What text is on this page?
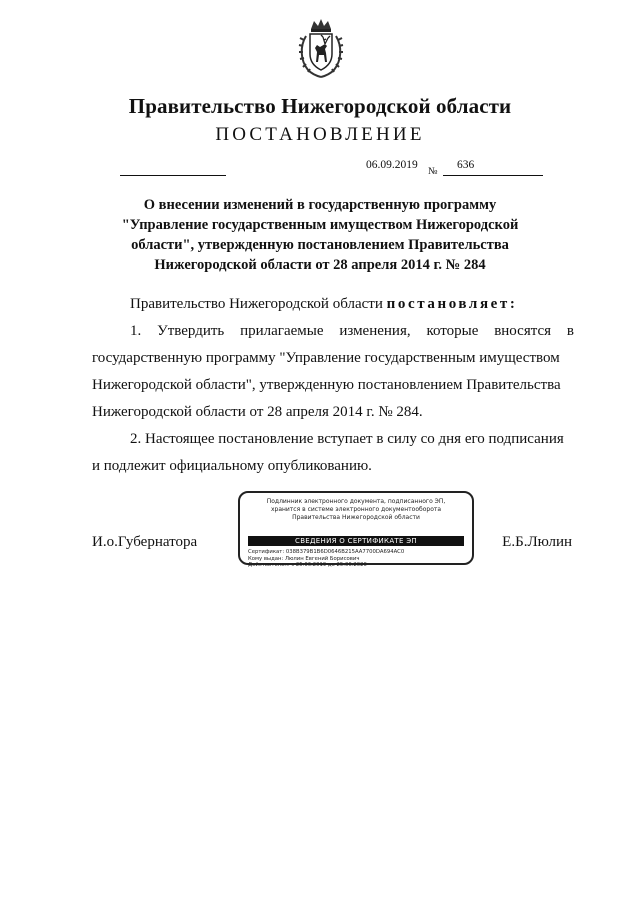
Правительство Нижегородской области
ПОСТАНОВЛЕНИЕ
06.09.2019
№
636
О внесении изменений в государственную программу
"Управление государственным имуществом Нижегородской
области", утвержденную постановлением Правительства
Нижегородской области от 28 апреля 2014 г. № 284
Правительство Нижегородской области постановляет:
1. Утвердить прилагаемые изменения, которые вносятся в
государственную программу "Управление государственным имуществом
Нижегородской области", утвержденную постановлением Правительства
Нижегородской области от 28 апреля 2014 г. № 284.
2. Настоящее постановление вступает в силу со дня его подписания
и подлежит официальному опубликованию.
И.о.Губернатора
Подлинник электронного документа, подписанного ЭП,
хранится в системе электронного документооборота
Правительства Нижегородской области
СВЕДЕНИЯ О СЕРТИФИКАТЕ ЭП
Сертификат: 038B379B1B6D0646B215AA7700DA694AC0
Кому выдан: Люлин Евгений Борисович
Действителен: с 25.06.2019 до 25.06.2020
Е.Б.Люлин
